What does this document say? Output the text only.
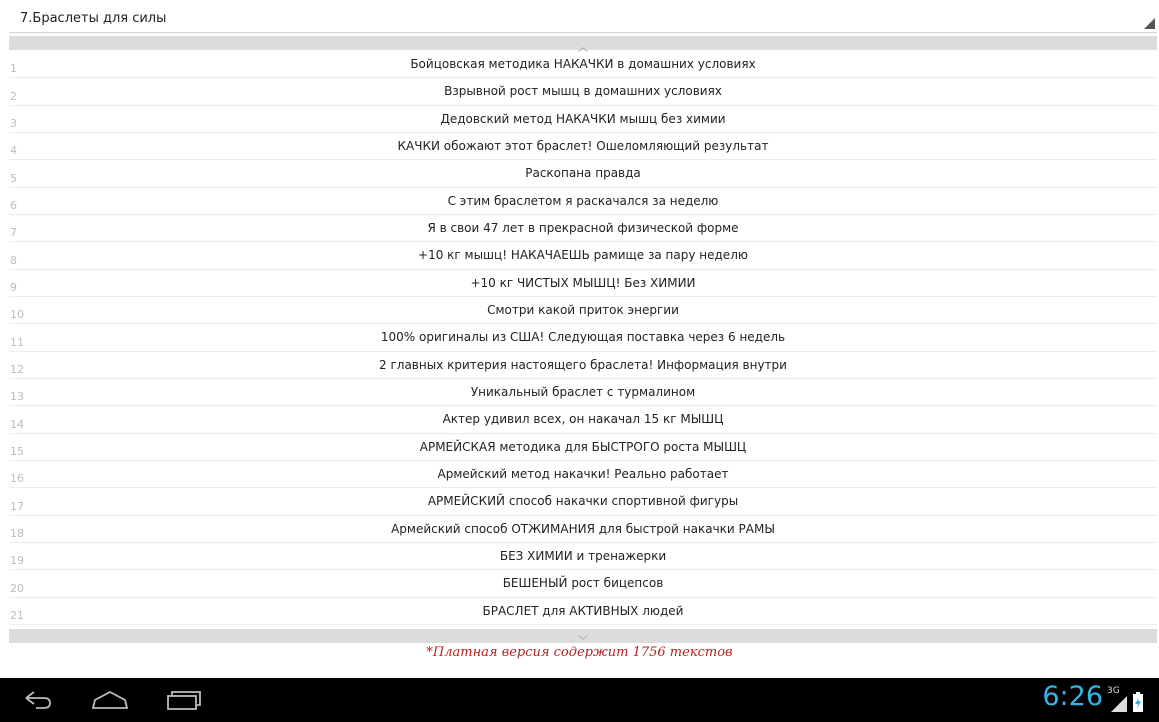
7.Браслеты для силы
︿
1	Бойцовская методика НАКАЧКИ в домашних условиях
2	Взрывной рост мышц в домашних условиях
3	Дедовский метод НАКАЧКИ мышц без химии
4	КАЧКИ обожают этот браслет! Ошеломляющий результат
5	Раскопана правда
6	С этим браслетом я раскачался за неделю
7	Я в свои 47 лет в прекрасной физической форме
8	+10 кг мышц! НАКАЧАЕШЬ рамище за пару неделю
9	+10 кг ЧИСТЫХ МЫШЦ! Без ХИМИИ
10	Смотри какой приток энергии
11	100% оригиналы из США! Следующая поставка через 6 недель
12	2 главных критерия настоящего браслета! Информация внутри
13	Уникальный браслет с турмалином
14	Актер удивил всех, он накачал 15 кг МЫШЦ
15	АРМЕЙСКАЯ методика для БЫСТРОГО роста МЫШЦ
16	Армейский метод накачки! Реально работает
17	АРМЕЙСКИЙ способ накачки спортивной фигуры
18	Армейский способ ОТЖИМАНИЯ для быстрой накачки РАМЫ
19	БЕЗ ХИМИИ и тренажерки
20	БЕШЕНЫЙ рост бицепсов
21	БРАСЛЕТ для АКТИВНЫХ людей
﹀
*Платная версия содержит 1756 текстов
6:26 3G
